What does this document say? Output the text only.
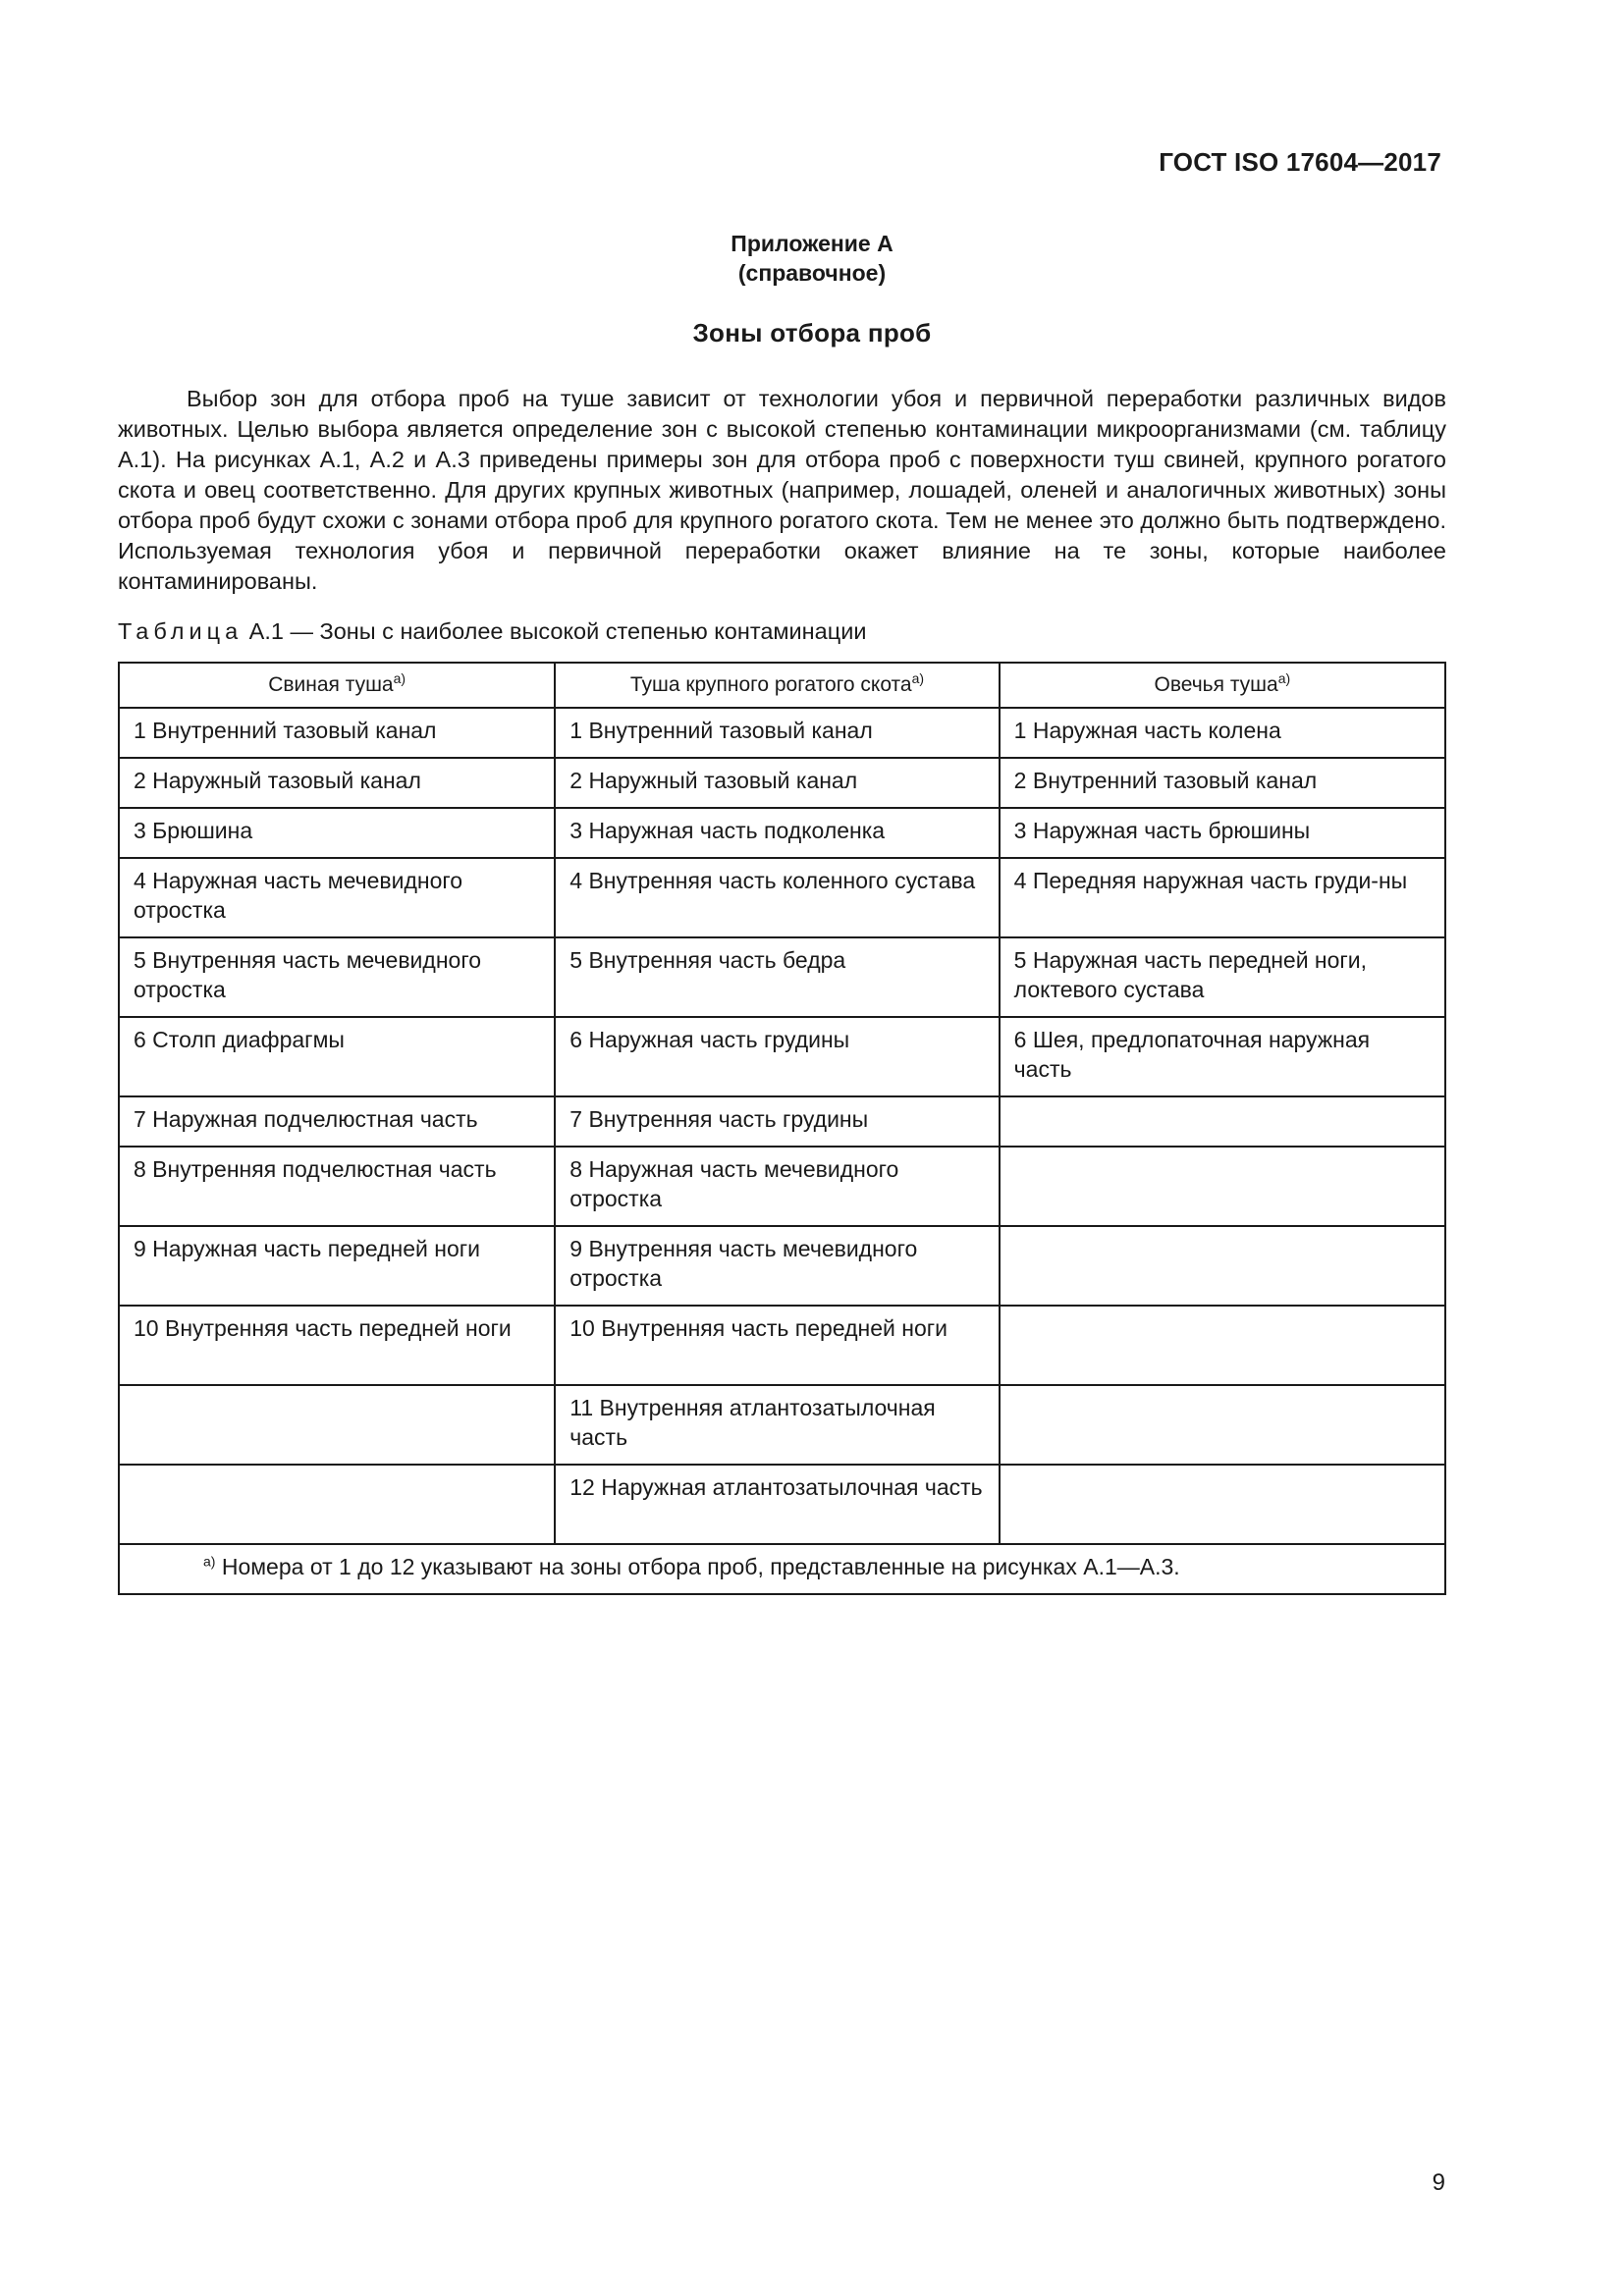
ГОСТ ISO 17604—2017
Приложение А
(справочное)
Зоны отбора проб

Выбор зон для отбора проб на туше зависит от технологии убоя и первичной переработки различных видов животных. Целью выбора является определение зон с высокой степенью контаминации микроорганизмами (см. таблицу А.1). На рисунках А.1, А.2 и А.3 приведены примеры зон для отбора проб с поверхности туш свиней, крупного рогатого скота и овец соответственно. Для других крупных животных (например, лошадей, оленей и аналогичных животных) зоны отбора проб будут схожи с зонами отбора проб для крупного рогатого скота. Тем не менее это должно быть подтверждено. Используемая технология убоя и первичной переработки окажет влияние на те зоны, которые наиболее контаминированы.

Таблица А.1 — Зоны с наиболее высокой степенью контаминации
Свиная туша$^{а)}$	Туша крупного рогатого скота$^{а)}$	Овечья туша$^{а)}$
1 Внутренний тазовый канал	1 Внутренний тазовый канал	1 Наружная часть колена
2 Наружный тазовый канал	2 Наружный тазовый канал	2 Внутренний тазовый канал
3 Брюшина	3 Наружная часть подколенка	3 Наружная часть брюшины
4 Наружная часть мечевидного отростка	4 Внутренняя часть коленного сустава	4 Передняя наружная часть груди-ны
5 Внутренняя часть мечевидного отростка	5 Внутренняя часть бедра	5 Наружная часть передней ноги, локтевого сустава
6 Столп диафрагмы	6 Наружная часть грудины	6 Шея, предлопаточная наружная часть
7 Наружная подчелюстная часть	7 Внутренняя часть грудины	
8 Внутренняя подчелюстная часть	8 Наружная часть мечевидного отростка	
9 Наружная часть передней ноги	9 Внутренняя часть мечевидного отростка	
10 Внутренняя часть передней ноги	10 Внутренняя часть передней ноги	
	11 Внутренняя атлантозатылочная часть	
	12 Наружная атлантозатылочная часть	
$^{а)}$ Номера от 1 до 12 указывают на зоны отбора проб, представленные на рисунках А.1—А.3.		
9
